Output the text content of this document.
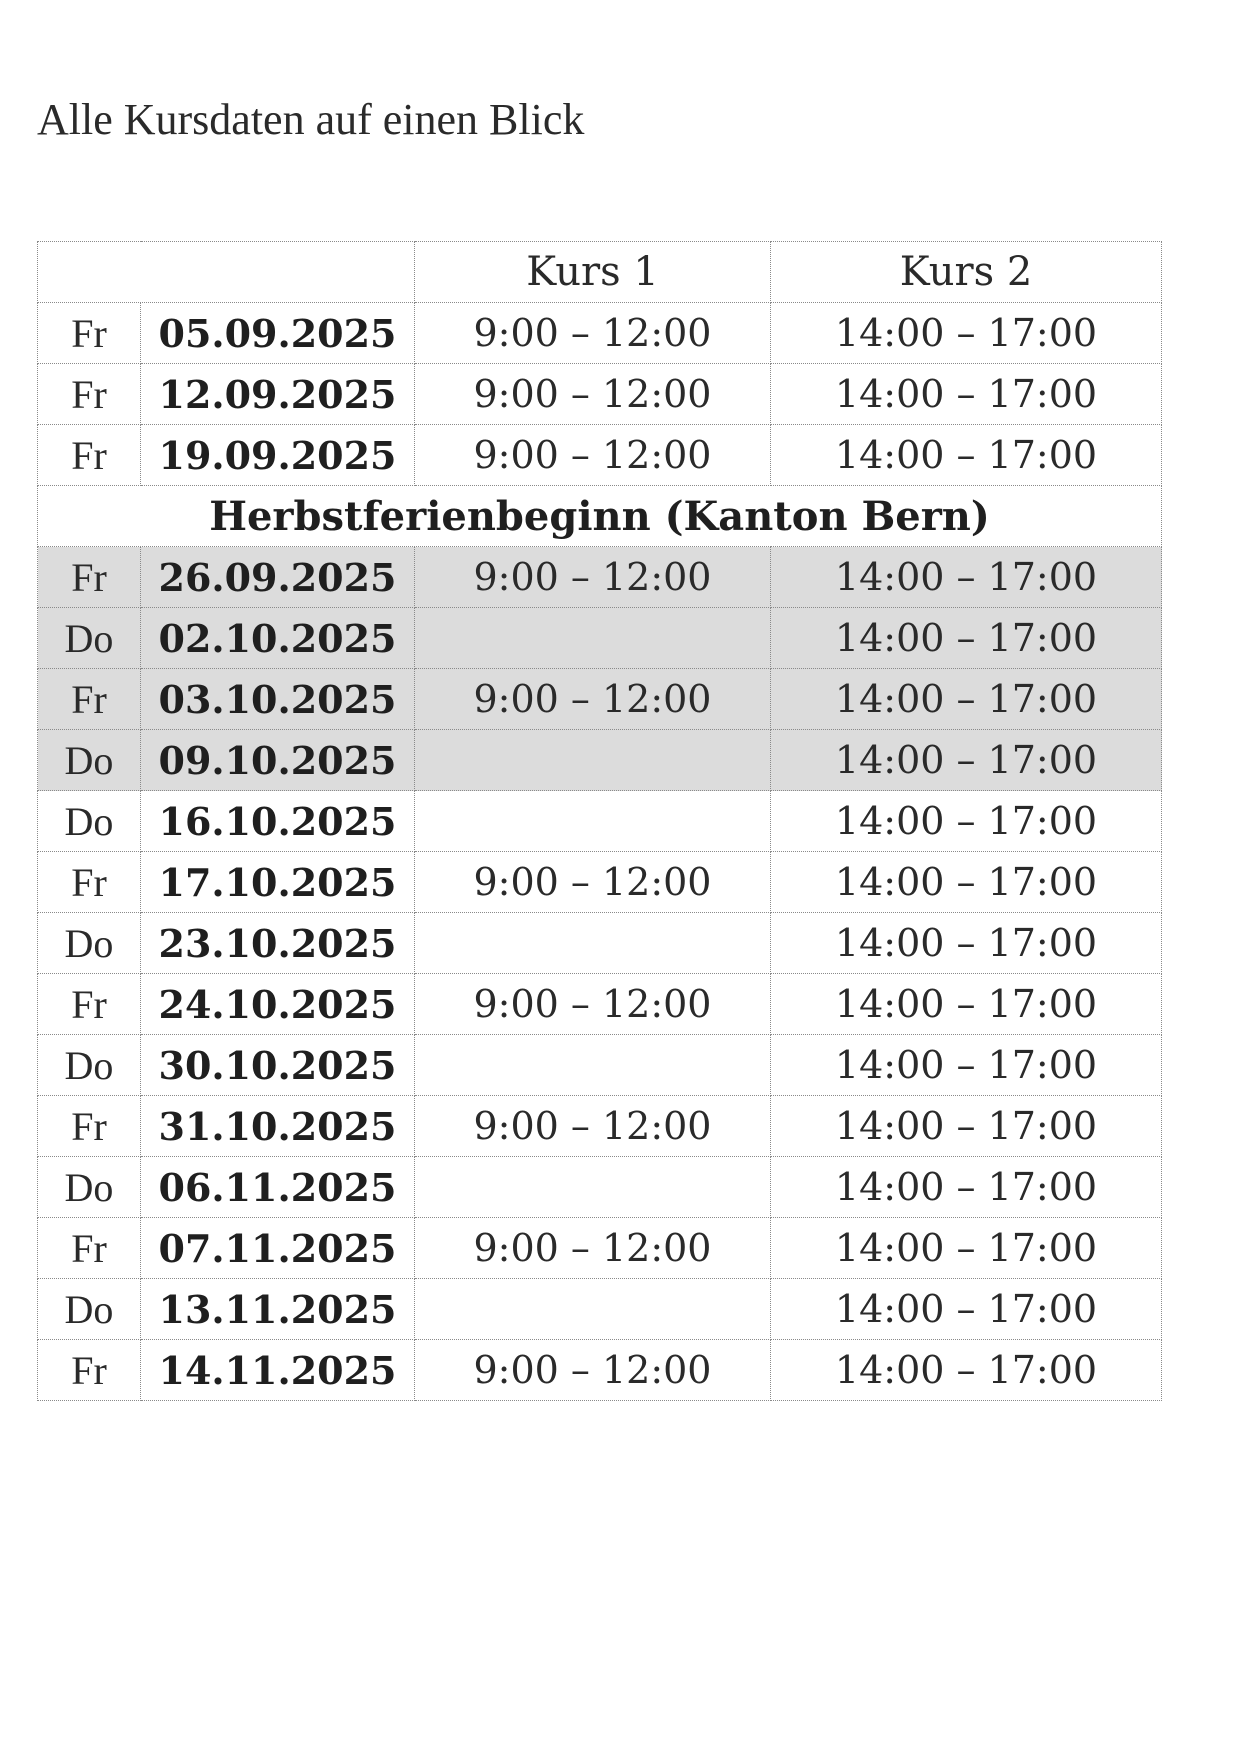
Alle Kursdaten auf einen Blick
		Kurs 1	Kurs 2
Fr	05.09.2025	9:00 – 12:00	14:00 – 17:00
Fr	12.09.2025	9:00 – 12:00	14:00 – 17:00
Fr	19.09.2025	9:00 – 12:00	14:00 – 17:00
Herbstferienbeginn (Kanton Bern)			
Fr	26.09.2025	9:00 – 12:00	14:00 – 17:00
Do	02.10.2025		14:00 – 17:00
Fr	03.10.2025	9:00 – 12:00	14:00 – 17:00
Do	09.10.2025		14:00 – 17:00
Do	16.10.2025		14:00 – 17:00
Fr	17.10.2025	9:00 – 12:00	14:00 – 17:00
Do	23.10.2025		14:00 – 17:00
Fr	24.10.2025	9:00 – 12:00	14:00 – 17:00
Do	30.10.2025		14:00 – 17:00
Fr	31.10.2025	9:00 – 12:00	14:00 – 17:00
Do	06.11.2025		14:00 – 17:00
Fr	07.11.2025	9:00 – 12:00	14:00 – 17:00
Do	13.11.2025		14:00 – 17:00
Fr	14.11.2025	9:00 – 12:00	14:00 – 17:00
